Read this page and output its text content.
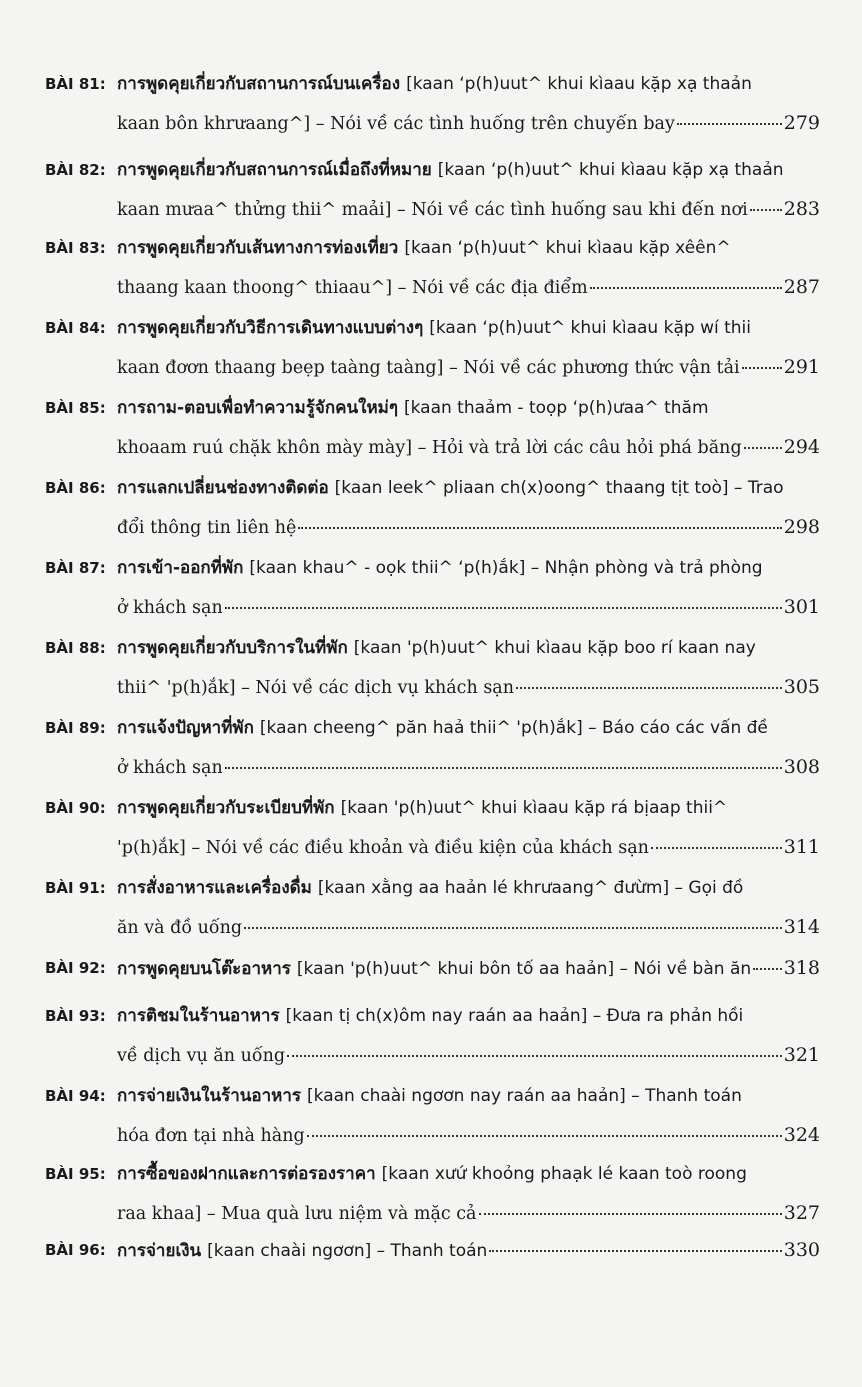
BÀI 81: การพูดคุยเกี่ยวกับสถานการณ์บนเครื่อง [kaan ‘p(h)uut^ khui kìaau kặp xạ thaản
kaan bôn khrưaang^] – Nói về các tình huống trên chuyến bay	279
BÀI 82: การพูดคุยเกี่ยวกับสถานการณ์เมื่อถึงที่หมาย [kaan ‘p(h)uut^ khui kìaau kặp xạ thaản
kaan mưaa^ thửng thii^ maải] – Nói về các tình huống sau khi đến nơi 283
BÀI 83: การพูดคุยเกี่ยวกับเส้นทางการท่องเที่ยว [kaan ‘p(h)uut^ khui kìaau kặp xêên^
thaang kaan thoong^ thiaau^] – Nói về các địa điểm	287
BÀI 84: การพูดคุยเกี่ยวกับวิธีการเดินทางแบบต่างๆ [kaan ‘p(h)uut^ khui kìaau kặp wí thii
kaan đơơn thaang beẹp taàng taàng] – Nói về các phương thức vận tải 291
BÀI 85: การถาม-ตอบเพื่อทำความรู้จักคนใหม่ๆ [kaan thaảm - toọp ‘p(h)ưaa^ thăm
khoaam ruú chặk khôn mày mày] – Hỏi và trả lời các câu hỏi phá băng 294
BÀI 86: การแลกเปลี่ยนช่องทางติดต่อ [kaan leek^ pliaan ch(x)oong^ thaang tịt toò] – Trao
đổi thông tin liên hệ	298
BÀI 87: การเข้า-ออกที่พัก [kaan khau^ - oọk thii^ ‘p(h)ắk] – Nhận phòng và trả phòng
ở khách sạn	301
BÀI 88: การพูดคุยเกี่ยวกับบริการในที่พัก [kaan 'p(h)uut^ khui kìaau kặp boo rí kaan nay
thii^ 'p(h)ắk] – Nói về các dịch vụ khách sạn	305
BÀI 89: การแจ้งปัญหาที่พัก [kaan cheeng^ păn haả thii^ 'p(h)ắk] – Báo cáo các vấn đề
ở khách sạn	308
BÀI 90: การพูดคุยเกี่ยวกับระเบียบที่พัก [kaan 'p(h)uut^ khui kìaau kặp rá bịaap thii^
'p(h)ắk] – Nói về các điều khoản và điều kiện của khách sạn	311
BÀI 91: การสั่งอาหารและเครื่องดื่ม [kaan xằng aa haản lé khrưaang^ đưừm] – Gọi đồ
ăn và đồ uống	314
BÀI 92: การพูดคุยบนโต๊ะอาหาร [kaan 'p(h)uut^ khui bôn tố aa haản] – Nói về bàn ăn 318
BÀI 93: การติชมในร้านอาหาร [kaan tị ch(x)ôm nay raán aa haản] – Đưa ra phản hồi
về dịch vụ ăn uống	321
BÀI 94: การจ่ายเงินในร้านอาหาร [kaan chaài ngơơn nay raán aa haản] – Thanh toán
hóa đơn tại nhà hàng	324
BÀI 95: การซื้อของฝากและการต่อรองราคา [kaan xưứ khoỏng phaạk lé kaan toò roong
raa khaa] – Mua quà lưu niệm và mặc cả	327
BÀI 96: การจ่ายเงิน [kaan chaài ngơơn] – Thanh toán	330
